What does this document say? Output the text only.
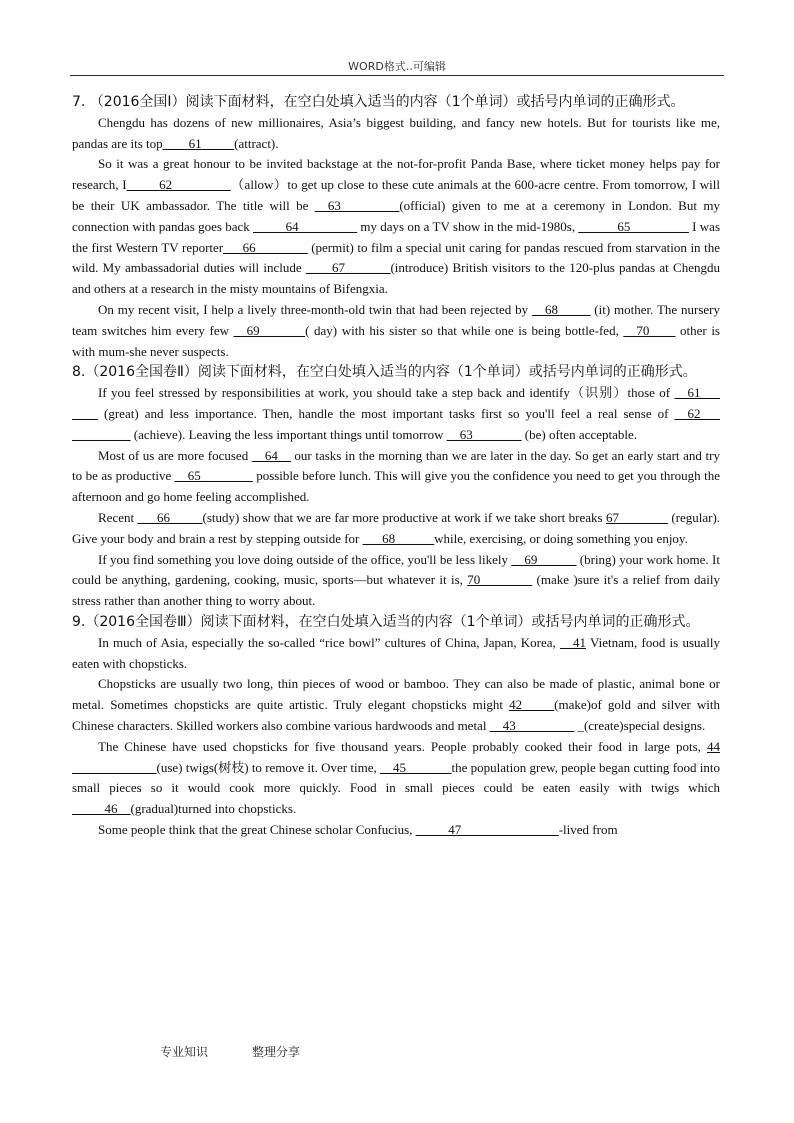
WORD格式..可编辑
7. （2016全国Ⅰ）阅读下面材料，在空白处填入适当的内容（1个单词）或括号内单词的正确形式。
Chengdu has dozens of new millionaires, Asia’s biggest building, and fancy new hotels. But for tourists like me, pandas are its top____61_____(attract).
So it was a great honour to be invited backstage at the not-for-profit Panda Base, where ticket money helps pay for research, I_____62_________（allow）to get up close to these cute animals at the 600-acre centre. From tomorrow, I will be their UK ambassador. The title will be __63_________(official) given to me at a ceremony in London. But my connection with pandas goes back _____64_________ my days on a TV show in the mid-1980s, ______65_________ I was the first Western TV reporter___66________ (permit) to film a special unit caring for pandas rescued from starvation in the wild. My ambassadorial duties will include ____67_______(introduce) British visitors to the 120-plus pandas at Chengdu and others at a research in the misty mountains of Bifengxia.
On my recent visit, I help a lively three-month-old twin that had been rejected by __68_____ (it) mother. The nursery team switches him every few __69_______( day) with his sister so that while one is being bottle-fed, __70____ other is with mum-she never suspects.
8.（2016全国卷Ⅱ）阅读下面材料，在空白处填入适当的内容（1个单词）或括号内单词的正确形式。
If you feel stressed by responsibilities at work, you should take a step back and identify（识别）those of __61___ ____ (great) and less importance. Then, handle the most important tasks first so you'll feel a real sense of __62___ _________ (achieve). Leaving the less important things until tomorrow __63___ ____ (be) often acceptable.
Most of us are more focused __64__ our tasks in the morning than we are later in the day. So get an early start and try to be as productive __65________ possible before lunch. This will give you the confidence you need to get you through the afternoon and go home feeling accomplished.
Recent ___66_____(study) show that we are far more productive at work if we take short breaks 67 _______ (regular). Give your body and brain a rest by stepping outside for ___68______while, exercising, or doing something you enjoy.
If you find something you love doing outside of the office, you'll be less likely __69______ (bring) your work home. It could be anything, gardening, cooking, music, sports—but whatever it is, 70________ (make )sure it's a relief from daily stress rather than another thing to worry about.
9.（2016全国卷Ⅲ）阅读下面材料，在空白处填入适当的内容（1个单词）或括号内单词的正确形式。
In much of Asia, especially the so-called “rice bowl” cultures of China, Japan, Korea, __41 Vietnam, food is usually eaten with chopsticks.
Chopsticks are usually two long, thin pieces of wood or bamboo. They can also be made of plastic, animal bone or metal. Sometimes chopsticks are quite artistic. Truly elegant chopsticks might 42 ____(make)of gold and silver with Chinese characters. Skilled workers also combine various hardwoods and metal __43_________ _(create)special designs.
The Chinese have used chopsticks for five thousand years. People probably cooked their food in large pots, 44 _____________(use) twigs(树枝) to remove it. Over time, __45_______the population grew, people began cutting food into small pieces so it would cook more quickly. Food in small pieces could be eaten easily with twigs which _____46__(gradual)turned into chopsticks.
Some people think that the great Chinese scholar Confucius, _____47_______________-lived from
专业知识	整理分享
